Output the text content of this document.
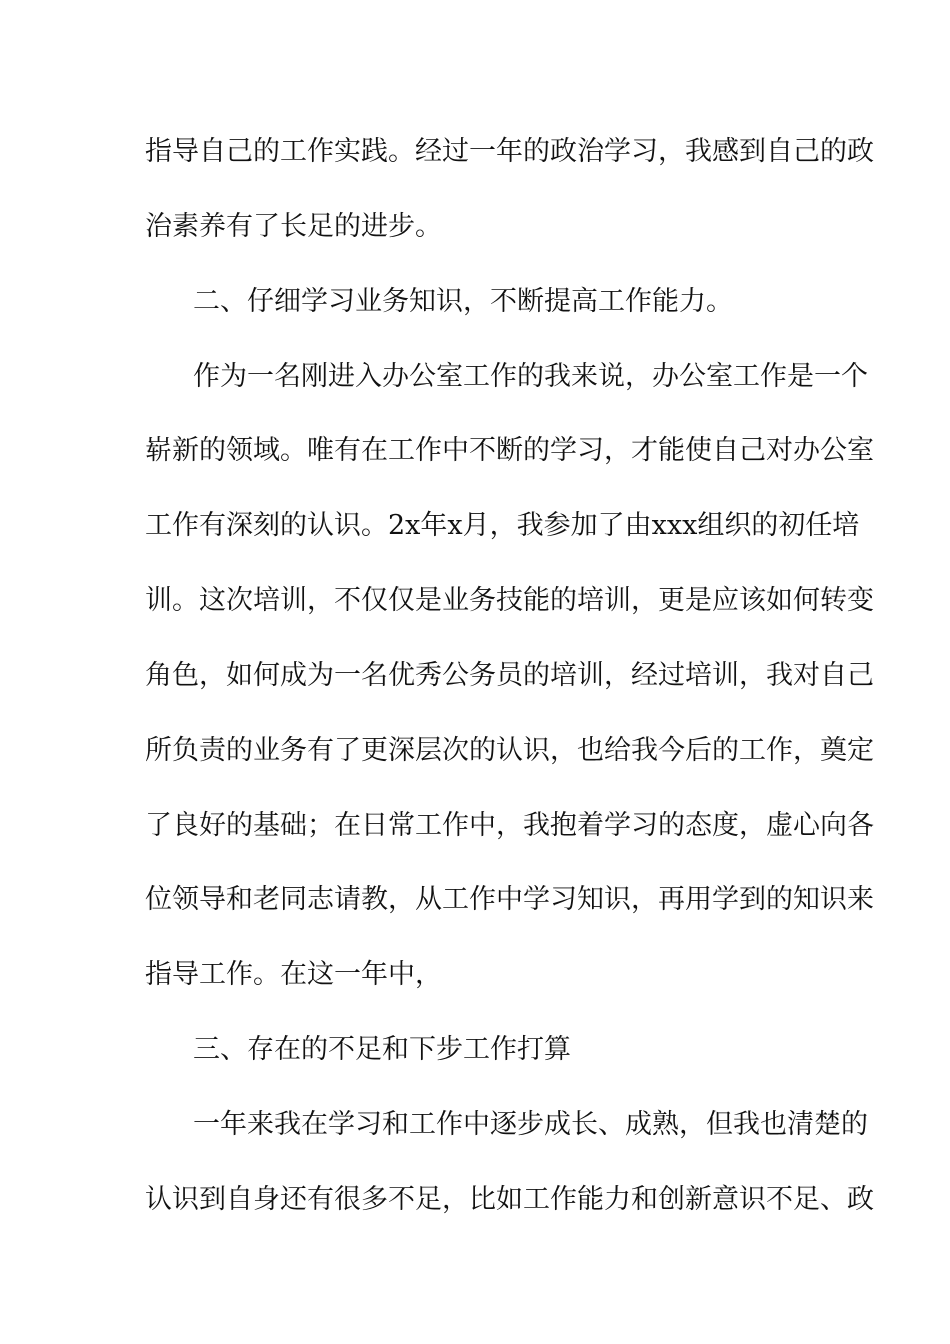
指导自己的工作实践。经过一年的政治学习，我感到自己的政
治素养有了长足的进步。
二、仔细学习业务知识，不断提高工作能力。
作为一名刚进入办公室工作的我来说，办公室工作是一个
崭新的领域。唯有在工作中不断的学习，才能使自己对办公室
工作有深刻的认识。2x年x月，我参加了由xxx组织的初任培
训。这次培训，不仅仅是业务技能的培训，更是应该如何转变
角色，如何成为一名优秀公务员的培训，经过培训，我对自己
所负责的业务有了更深层次的认识，也给我今后的工作，奠定
了良好的基础；在日常工作中，我抱着学习的态度，虚心向各
位领导和老同志请教，从工作中学习知识，再用学到的知识来
指导工作。在这一年中，
三、存在的不足和下步工作打算
一年来我在学习和工作中逐步成长、成熟，但我也清楚的
认识到自身还有很多不足，比如工作能力和创新意识不足、政
